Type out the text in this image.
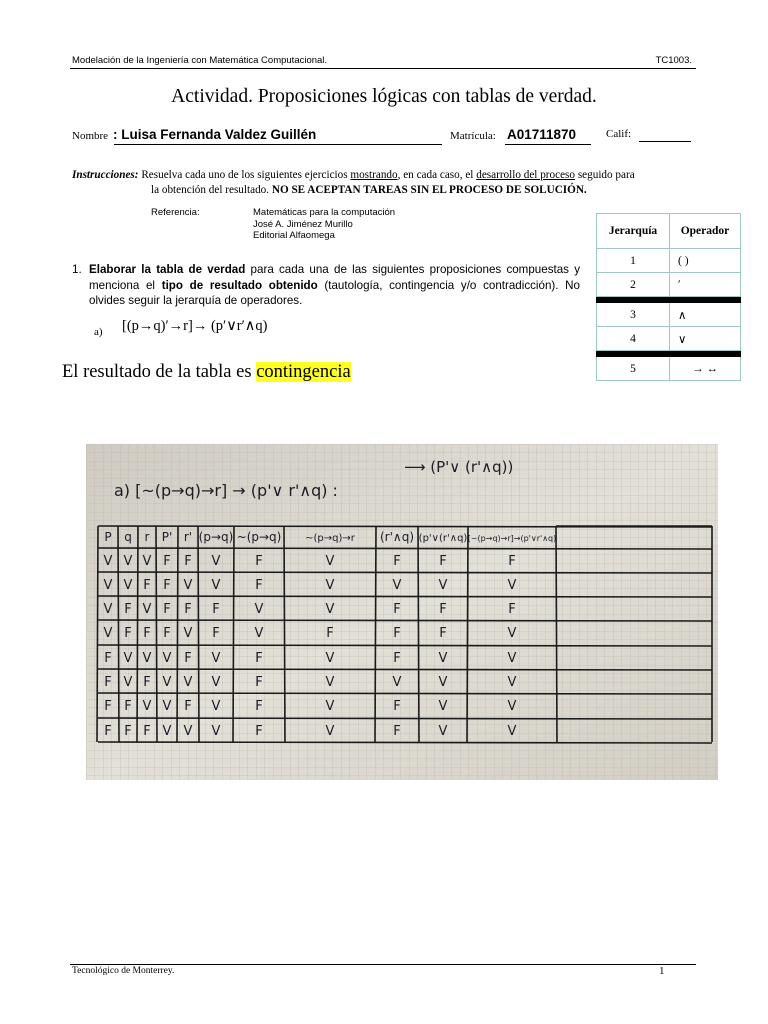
Modelación de la Ingeniería con Matemática Computacional.	TC1003.
Actividad. Proposiciones lógicas con tablas de verdad.
Nombre : Luisa Fernanda Valdez Guillén	Matrícula: A01711870	Calif:
Instrucciones: Resuelva cada uno de los siguientes ejercicios mostrando, en cada caso, el desarrollo del proceso seguido para
la obtención del resultado. NO SE ACEPTAN TAREAS SIN EL PROCESO DE SOLUCIÓN.
Referencia:	Matemáticas para la computación
José A. Jiménez Murillo
Editorial Alfaomega	Jerarquía	Operador
1	( )
2	ʹ

3	∧
4	∨

5	→ ↔
1. Elaborar la tabla de verdad para cada una de las siguientes proposiciones compuestas y menciona el tipo de resultado obtenido (tautología, contingencia y/o contradicción). No olvides seguir la jerarquía de operadores.
a) [(p→q)ʹ→r]→ (pʹ∨rʹ∧q)
El resultado de la tabla es contingencia
⟶ (P'∨ (r'∧q))
a) [~(p→q)→r] → (p'∨ r'∧q) :
P q r P' r' (p→q) ~(p→q) ~(p→q)→r (r'∧q) (p'∨(r'∧q) [~(p→q)→r]→(p'∨r'∧q)
V V V F F V	F	V	F	F	F
V V F F V V	F	V	V	V	V
V F V F F F	V	V	F	F	F
V F F F V F	V	F	F	F	V
F V V V F V	F	V	F	V	V
F V F V V V	F	V	V	V	V
F F V V F V	F	V	F	V	V
F F F V V V	F	V	F	V	V
Tecnológico de Monterrey.	1
